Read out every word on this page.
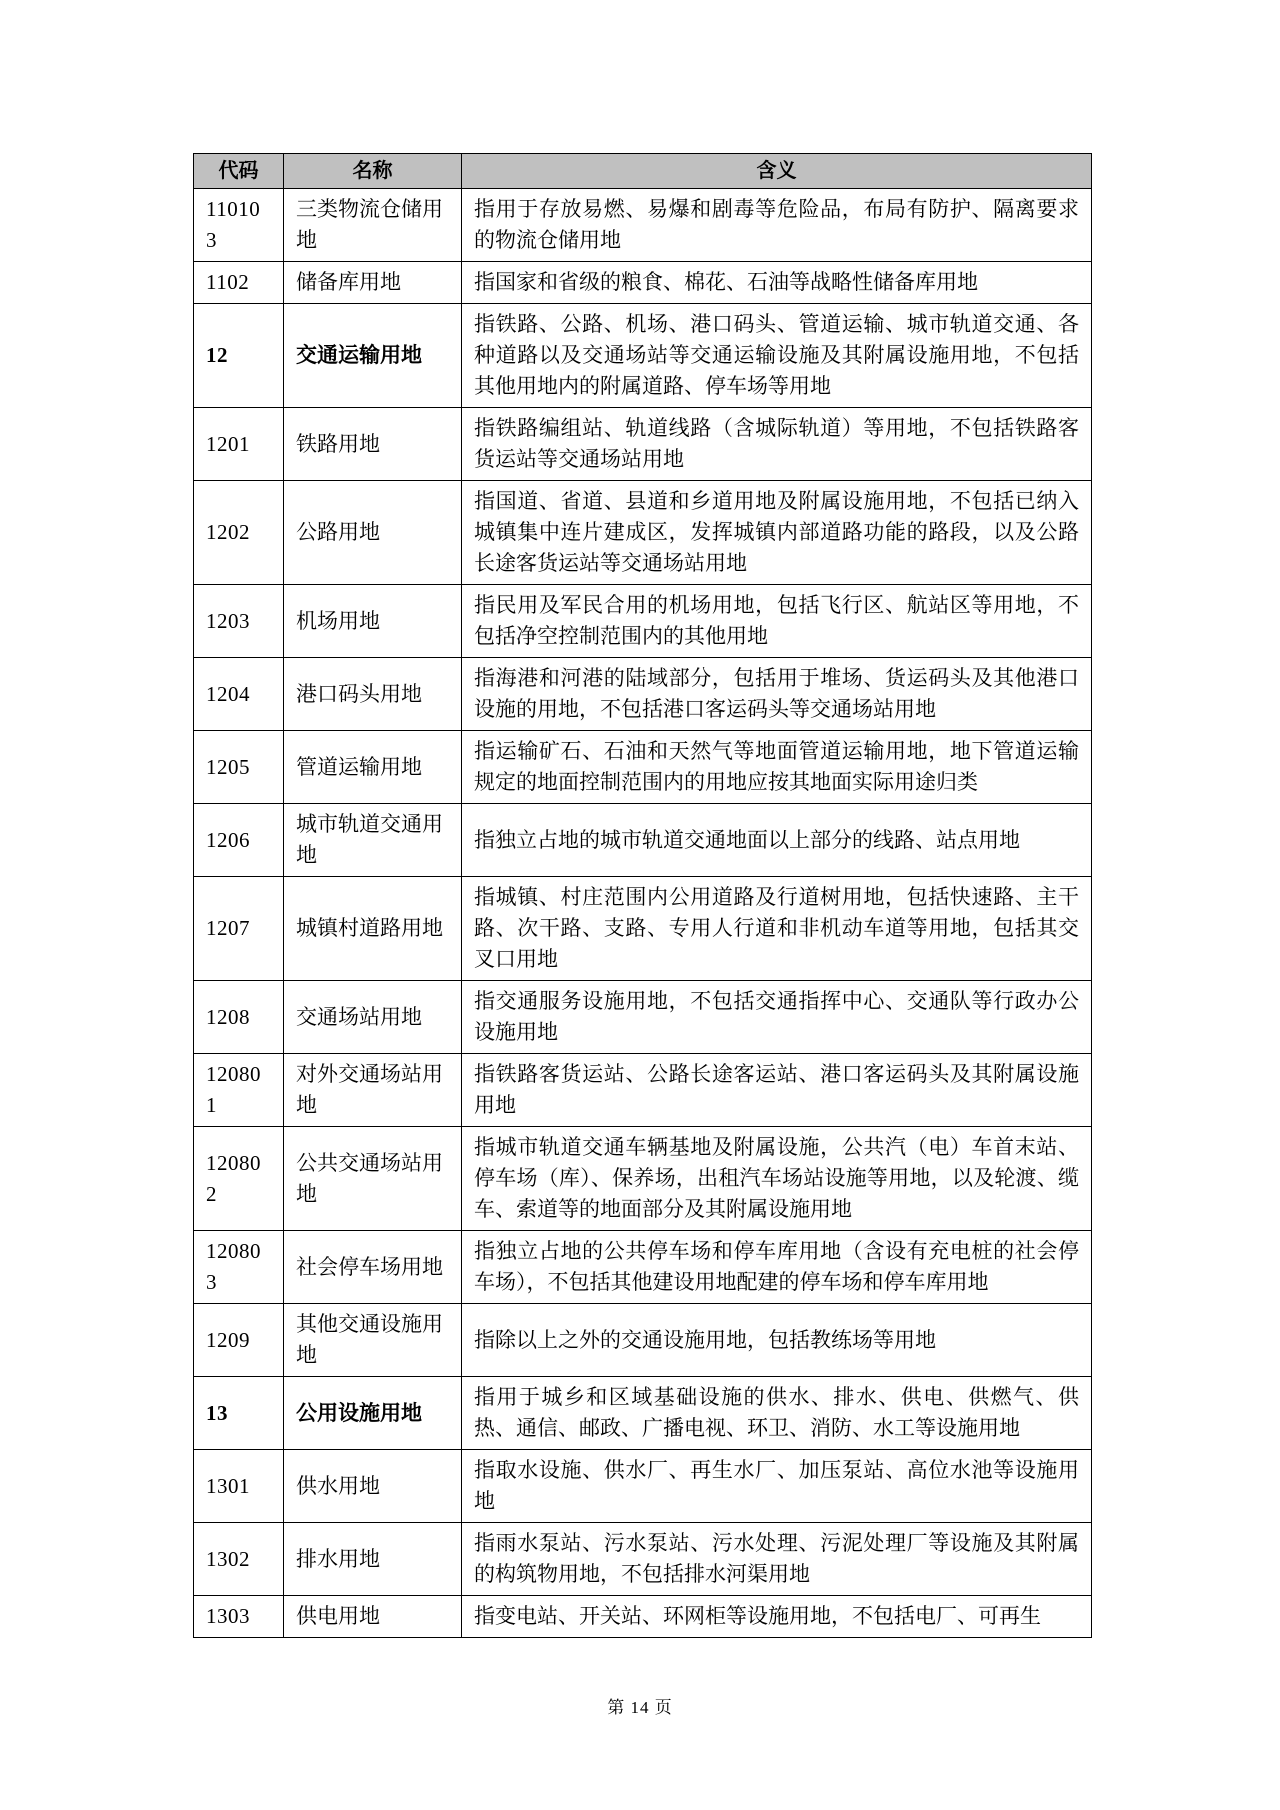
代码	名称	含义
110103	三类物流仓储用地	指用于存放易燃、易爆和剧毒等危险品，布局有防护、隔离要求的物流仓储用地
1102	储备库用地	指国家和省级的粮食、棉花、石油等战略性储备库用地
12	交通运输用地	指铁路、公路、机场、港口码头、管道运输、城市轨道交通、各种道路以及交通场站等交通运输设施及其附属设施用地，不包括其他用地内的附属道路、停车场等用地
1201	铁路用地	指铁路编组站、轨道线路（含城际轨道）等用地，不包括铁路客货运站等交通场站用地
1202	公路用地	指国道、省道、县道和乡道用地及附属设施用地，不包括已纳入城镇集中连片建成区，发挥城镇内部道路功能的路段，以及公路长途客货运站等交通场站用地
1203	机场用地	指民用及军民合用的机场用地，包括飞行区、航站区等用地，不包括净空控制范围内的其他用地
1204	港口码头用地	指海港和河港的陆域部分，包括用于堆场、货运码头及其他港口设施的用地，不包括港口客运码头等交通场站用地
1205	管道运输用地	指运输矿石、石油和天然气等地面管道运输用地，地下管道运输规定的地面控制范围内的用地应按其地面实际用途归类
1206	城市轨道交通用地	指独立占地的城市轨道交通地面以上部分的线路、站点用地
1207	城镇村道路用地	指城镇、村庄范围内公用道路及行道树用地，包括快速路、主干路、次干路、支路、专用人行道和非机动车道等用地，包括其交叉口用地
1208	交通场站用地	指交通服务设施用地，不包括交通指挥中心、交通队等行政办公设施用地
120801	对外交通场站用地	指铁路客货运站、公路长途客运站、港口客运码头及其附属设施用地
120802	公共交通场站用地	指城市轨道交通车辆基地及附属设施，公共汽（电）车首末站、停车场（库）、保养场，出租汽车场站设施等用地，以及轮渡、缆车、索道等的地面部分及其附属设施用地
120803	社会停车场用地	指独立占地的公共停车场和停车库用地（含设有充电桩的社会停车场），不包括其他建设用地配建的停车场和停车库用地
1209	其他交通设施用地	指除以上之外的交通设施用地，包括教练场等用地
13	公用设施用地	指用于城乡和区域基础设施的供水、排水、供电、供燃气、供热、通信、邮政、广播电视、环卫、消防、水工等设施用地
1301	供水用地	指取水设施、供水厂、再生水厂、加压泵站、高位水池等设施用地
1302	排水用地	指雨水泵站、污水泵站、污水处理、污泥处理厂等设施及其附属的构筑物用地，不包括排水河渠用地
1303	供电用地	指变电站、开关站、环网柜等设施用地，不包括电厂、可再生
第 14 页
